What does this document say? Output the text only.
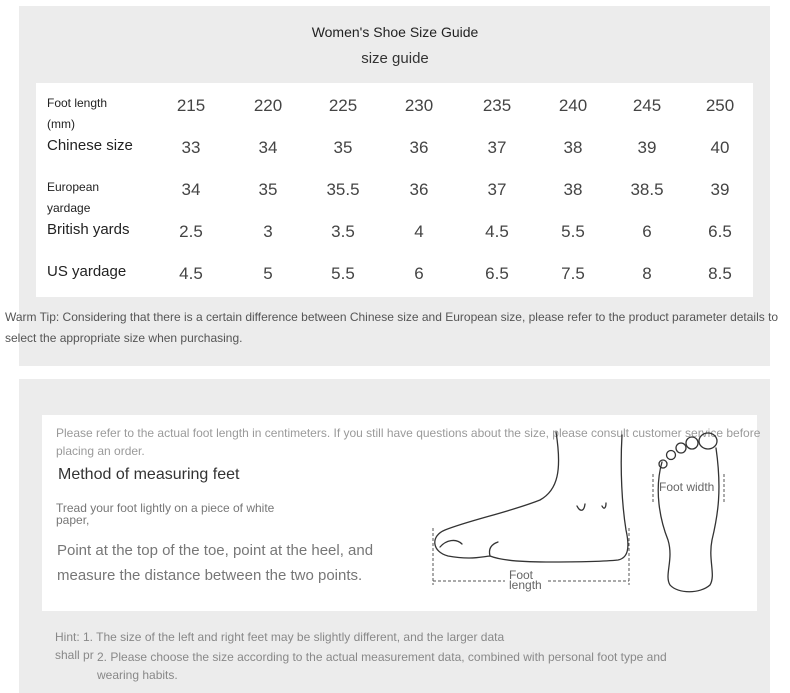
Women's Shoe Size Guide
size guide
Foot length
(mm)
215	220	225	230	235	240	245	250
Chinese size	33	34	35	36	37	38	39	40
European
yardage
34	35	35.5	36	37	38	38.5	39
British yards	2.5	3	3.5	4	4.5	5.5	6	6.5
US yardage	4.5	5	5.5	6	6.5	7.5	8	8.5
Warm Tip: Considering that there is a certain difference between Chinese size and European size, please refer to the product parameter details to select the appropriate size when purchasing.
Please refer to the actual foot length in centimeters. If you still have questions about the size, please consult customer service before placing an order.
Method of measuring feet
Tread your foot lightly on a piece of white paper,
Point at the top of the toe, point at the heel, and measure the distance between the two points.	Foot
length
Foot width
Hint: 1. The size of the left and right feet may be slightly different, and the larger data shall pr 2. Please choose the size according to the actual measurement data, combined with personal foot type and wearing habits.
